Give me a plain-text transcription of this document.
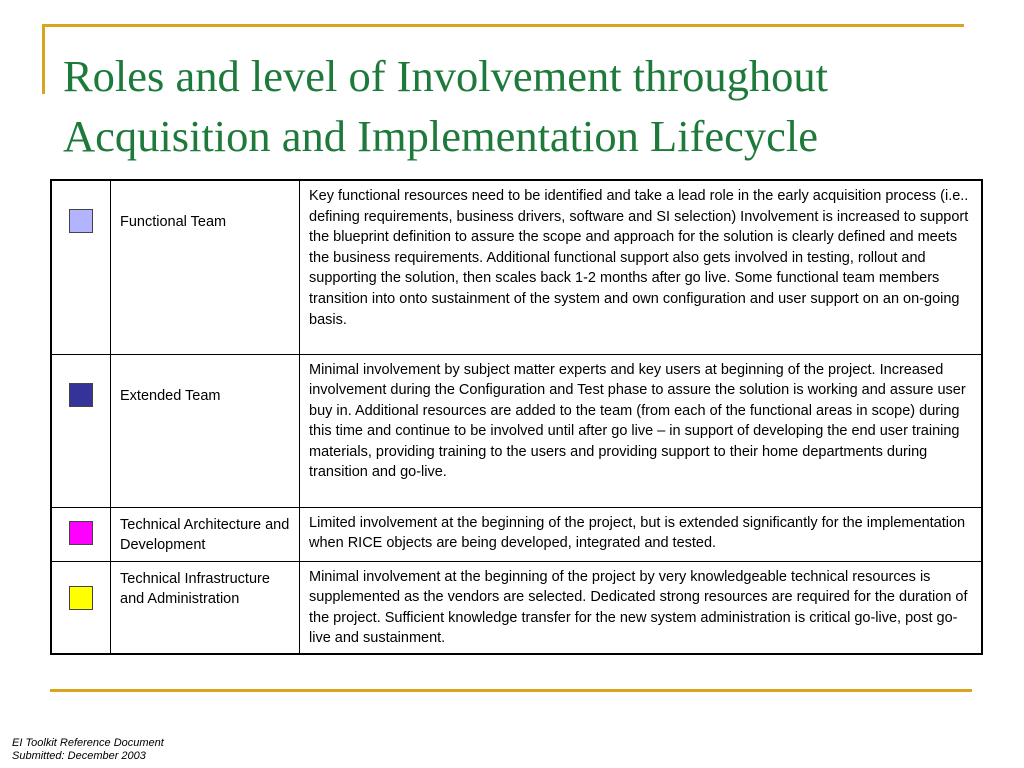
Roles and level of Involvement throughout Acquisition and Implementation Lifecycle

	Functional Team	Key functional resources need to be identified and take a lead role in the early acquisition process (i.e.. defining requirements, business drivers, software and SI selection) Involvement is increased to support the blueprint definition to assure the scope and approach for the solution is clearly defined and meets the business requirements. Additional functional support also gets involved in testing, rollout and supporting the solution, then scales back 1-2 months after go live. Some functional team members transition into onto sustainment of the system and own configuration and user support on an on-going basis.

	Extended Team	Minimal involvement by subject matter experts and key users at beginning of the project. Increased involvement during the Configuration and Test phase to assure the solution is working and assure user buy in. Additional resources are added to the team (from each of the functional areas in scope) during this time and continue to be involved until after go live – in support of developing the end user training materials, providing training to the users and providing support to their home departments during transition and go-live.

	Technical Architecture and Development	Limited involvement at the beginning of the project, but is extended significantly for the implementation when RICE objects are being developed, integrated and tested.

	Technical Infrastructure and Administration	Minimal involvement at the beginning of the project by very knowledgeable technical resources is supplemented as the vendors are selected. Dedicated strong resources are required for the duration of the project. Sufficient knowledge transfer for the new system administration is critical go-live, post go-live and sustainment.
EI Toolkit Reference Document
Submitted: December 2003
